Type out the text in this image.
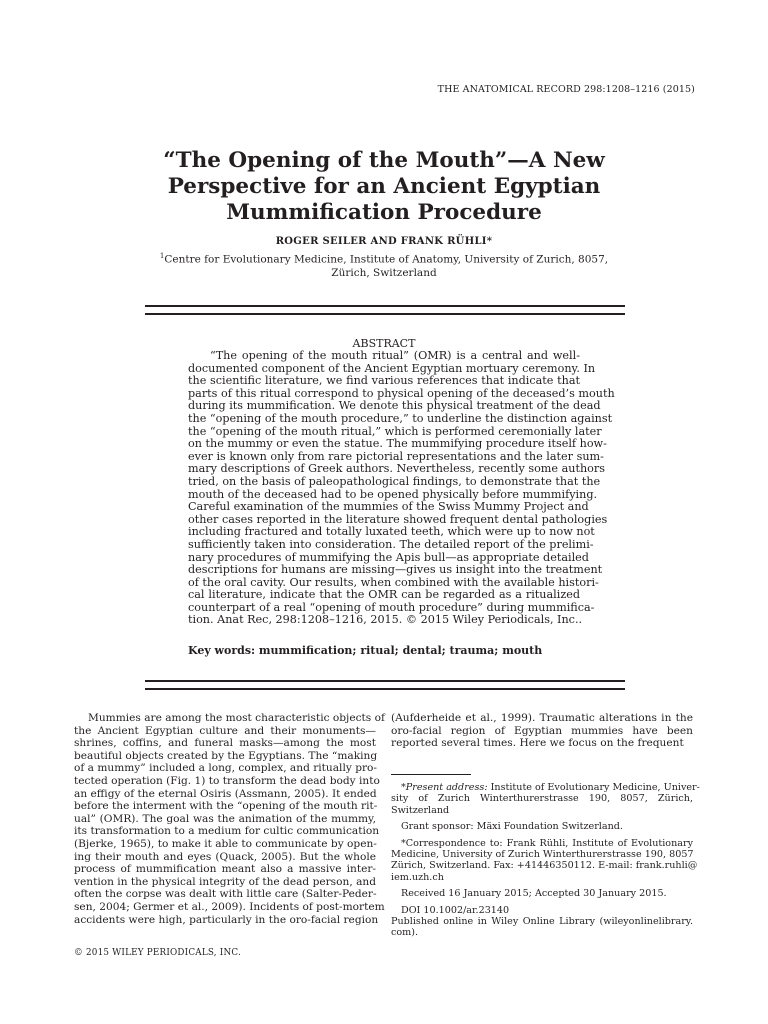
THE ANATOMICAL RECORD 298:1208–1216 (2015)
“The Opening of the Mouth”—A New
Perspective for an Ancient Egyptian
Mummification Procedure
ROGER SEILER AND FRANK RÜHLI*
$^1$Centre for Evolutionary Medicine, Institute of Anatomy, University of Zurich, 8057,
Zürich, Switzerland
ABSTRACT
“The opening of the mouth ritual” (OMR) is a central and well-
documented component of the Ancient Egyptian mortuary ceremony. In
the scientific literature, we find various references that indicate that
parts of this ritual correspond to physical opening of the deceased’s mouth
during its mummification. We denote this physical treatment of the dead
the “opening of the mouth procedure,” to underline the distinction against
the “opening of the mouth ritual,” which is performed ceremonially later
on the mummy or even the statue. The mummifying procedure itself how-
ever is known only from rare pictorial representations and the later sum-
mary descriptions of Greek authors. Nevertheless, recently some authors
tried, on the basis of paleopathological findings, to demonstrate that the
mouth of the deceased had to be opened physically before mummifying.
Careful examination of the mummies of the Swiss Mummy Project and
other cases reported in the literature showed frequent dental pathologies
including fractured and totally luxated teeth, which were up to now not
sufficiently taken into consideration. The detailed report of the prelimi-
nary procedures of mummifying the Apis bull—as appropriate detailed
descriptions for humans are missing—gives us insight into the treatment
of the oral cavity. Our results, when combined with the available histori-
cal literature, indicate that the OMR can be regarded as a ritualized
counterpart of a real “opening of mouth procedure” during mummifica-
tion. Anat Rec, 298:1208–1216, 2015. © 2015 Wiley Periodicals, Inc..
Key words: mummification; ritual; dental; trauma; mouth
Mummies are among the most characteristic objects of
the Ancient Egyptian culture and their monuments—
shrines, coffins, and funeral masks—among the most
beautiful objects created by the Egyptians. The “making
of a mummy” included a long, complex, and ritually pro-
tected operation (Fig. 1) to transform the dead body into
an effigy of the eternal Osiris (Assmann, 2005). It ended
before the interment with the “opening of the mouth rit-
ual” (OMR). The goal was the animation of the mummy,
its transformation to a medium for cultic communication
(Bjerke, 1965), to make it able to communicate by open-
ing their mouth and eyes (Quack, 2005). But the whole
process of mummification meant also a massive inter-
vention in the physical integrity of the dead person, and
often the corpse was dealt with little care (Salter-Peder-
sen, 2004; Germer et al., 2009). Incidents of post-mortem
accidents were high, particularly in the oro-facial region
(Aufderheide et al., 1999). Traumatic alterations in the
oro-facial region of Egyptian mummies have been
reported several times. Here we focus on the frequent
*Present address: Institute of Evolutionary Medicine, Univer-
sity of Zurich Winterthurerstrasse 190, 8057, Zürich,
Switzerland
Grant sponsor: Mäxi Foundation Switzerland.
*Correspondence to: Frank Rühli, Institute of Evolutionary
Medicine, University of Zurich Winterthurerstrasse 190, 8057
Zürich, Switzerland. Fax: +41446350112. E-mail: frank.ruhli@
iem.uzh.ch
Received 16 January 2015; Accepted 30 January 2015.
DOI 10.1002/ar.23140
Published online in Wiley Online Library (wileyonlinelibrary.
com).
© 2015 WILEY PERIODICALS, INC.
